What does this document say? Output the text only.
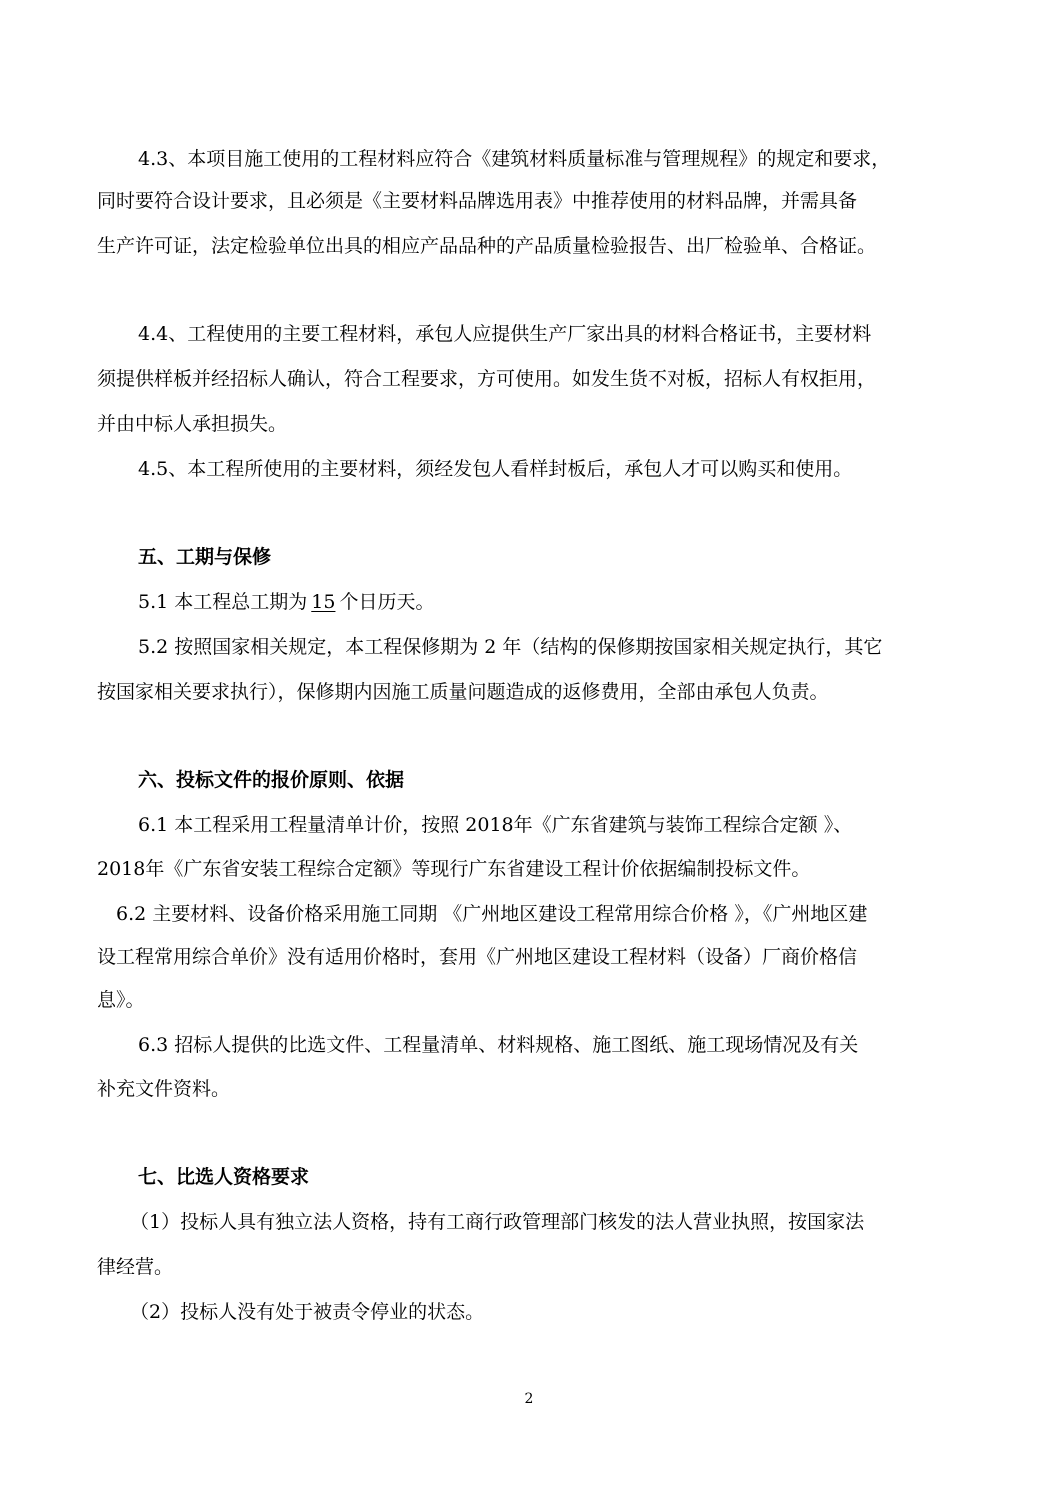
4.3、本项目施工使用的工程材料应符合《建筑材料质量标准与管理规程》的规定和要求，
同时要符合设计要求，且必须是《主要材料品牌选用表》中推荐使用的材料品牌，并需具备
生产许可证，法定检验单位出具的相应产品品种的产品质量检验报告、出厂检验单、合格证。
4.4、工程使用的主要工程材料，承包人应提供生产厂家出具的材料合格证书，主要材料
须提供样板并经招标人确认，符合工程要求，方可使用。如发生货不对板，招标人有权拒用，
并由中标人承担损失。
4.5、本工程所使用的主要材料，须经发包人看样封板后，承包人才可以购买和使用。
五、工期与保修
5.1 本工程总工期为 15 个日历天。
5.2 按照国家相关规定，本工程保修期为 2 年（结构的保修期按国家相关规定执行，其它
按国家相关要求执行），保修期内因施工质量问题造成的返修费用，全部由承包人负责。
六、投标文件的报价原则、依据
6.1 本工程采用工程量清单计价，按照 2018年《广东省建筑与装饰工程综合定额 》、
2018年《广东省安装工程综合定额》等现行广东省建设工程计价依据编制投标文件。
6.2 主要材料、设备价格采用施工同期 《广州地区建设工程常用综合价格 》，《广州地区建
设工程常用综合单价》没有适用价格时，套用《广州地区建设工程材料（设备）厂商价格信
息》。
6.3 招标人提供的比选文件、工程量清单、材料规格、施工图纸、施工现场情况及有关
补充文件资料。
七、比选人资格要求
（1）投标人具有独立法人资格，持有工商行政管理部门核发的法人营业执照，按国家法
律经营。
（2）投标人没有处于被责令停业的状态。
2
